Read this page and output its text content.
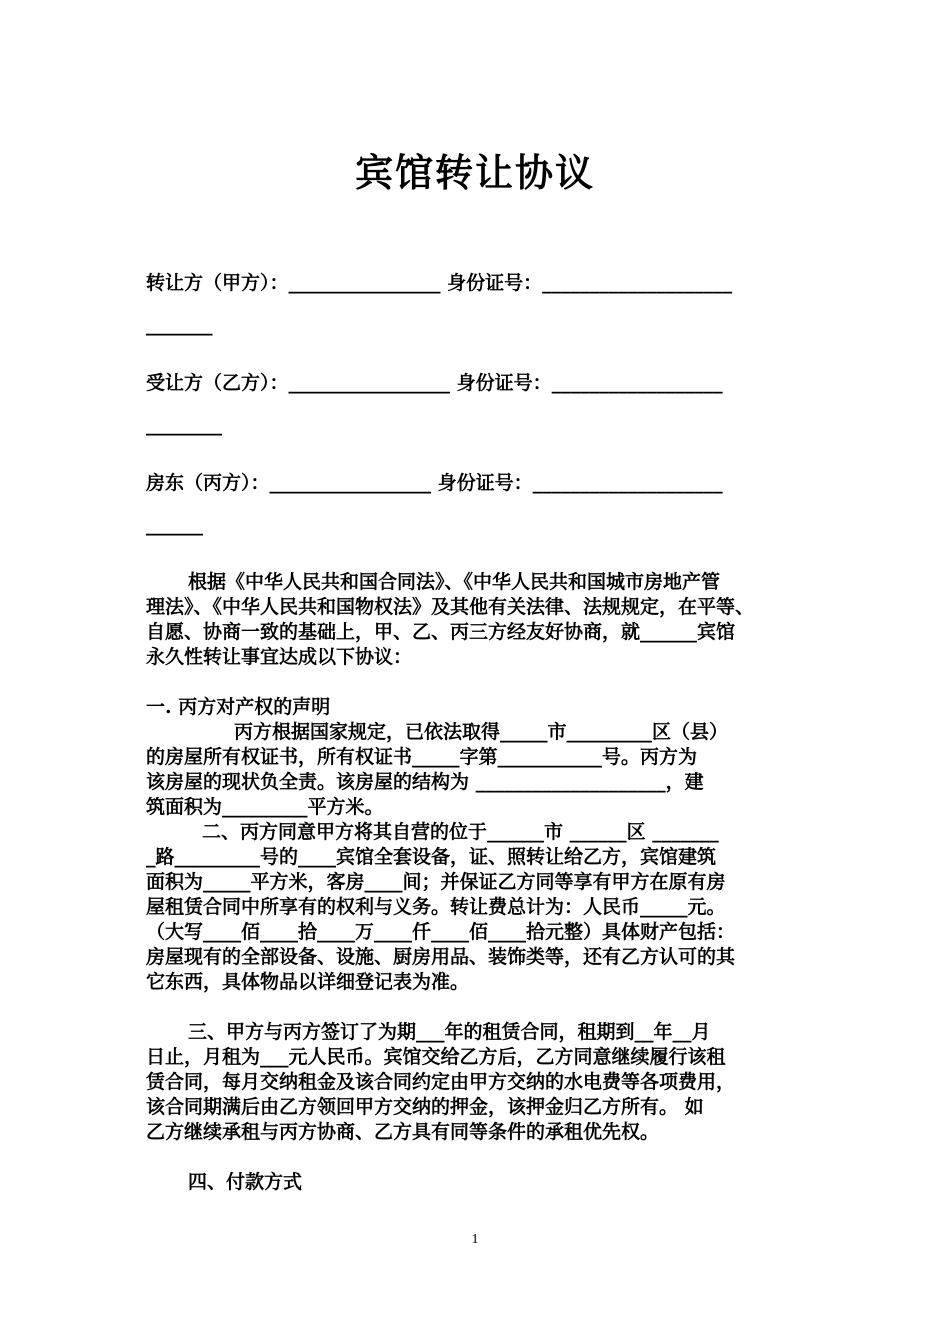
宾馆转让协议
转让方（甲方）：________________ 身份证号：____________________
_______
受让方（乙方）：_________________ 身份证号：__________________
________
房东（丙方）：_________________ 身份证号：____________________
______
根据《中华人民共和国合同法》、《中华人民共和国城市房地产管
理法》、《中华人民共和国物权法》及其他有关法律、法规规定，在平等、
自愿、协商一致的基础上，甲、乙、丙三方经友好协商，就______宾馆
永久性转让事宜达成以下协议：
一. 丙方对产权的声明
丙方根据国家规定，已依法取得_____市_________区（县）
的房屋所有权证书，所有权证书_____字第___________号。丙方为
该房屋的现状负全责。该房屋的结构为 ____________________，建
筑面积为_________平方米。
二、丙方同意甲方将其自营的位于______市 ______区 _______
_路_________号的____宾馆全套设备，证、照转让给乙方，宾馆建筑
面积为_____平方米，客房____间；并保证乙方同等享有甲方在原有房
屋租赁合同中所享有的权利与义务。转让费总计为：人民币_____元。
（大写____佰____拾____万____仟____佰____拾元整）具体财产包括：
房屋现有的全部设备、设施、厨房用品、装饰类等，还有乙方认可的其
它东西，具体物品以详细登记表为准。
三、甲方与丙方签订了为期___年的租赁合同，租期到__年__月
日止，月租为___元人民币。宾馆交给乙方后，乙方同意继续履行该租
赁合同，每月交纳租金及该合同约定由甲方交纳的水电费等各项费用，
该合同期满后由乙方领回甲方交纳的押金，该押金归乙方所有。 如
乙方继续承租与丙方协商、乙方具有同等条件的承租优先权。
四、付款方式
1
